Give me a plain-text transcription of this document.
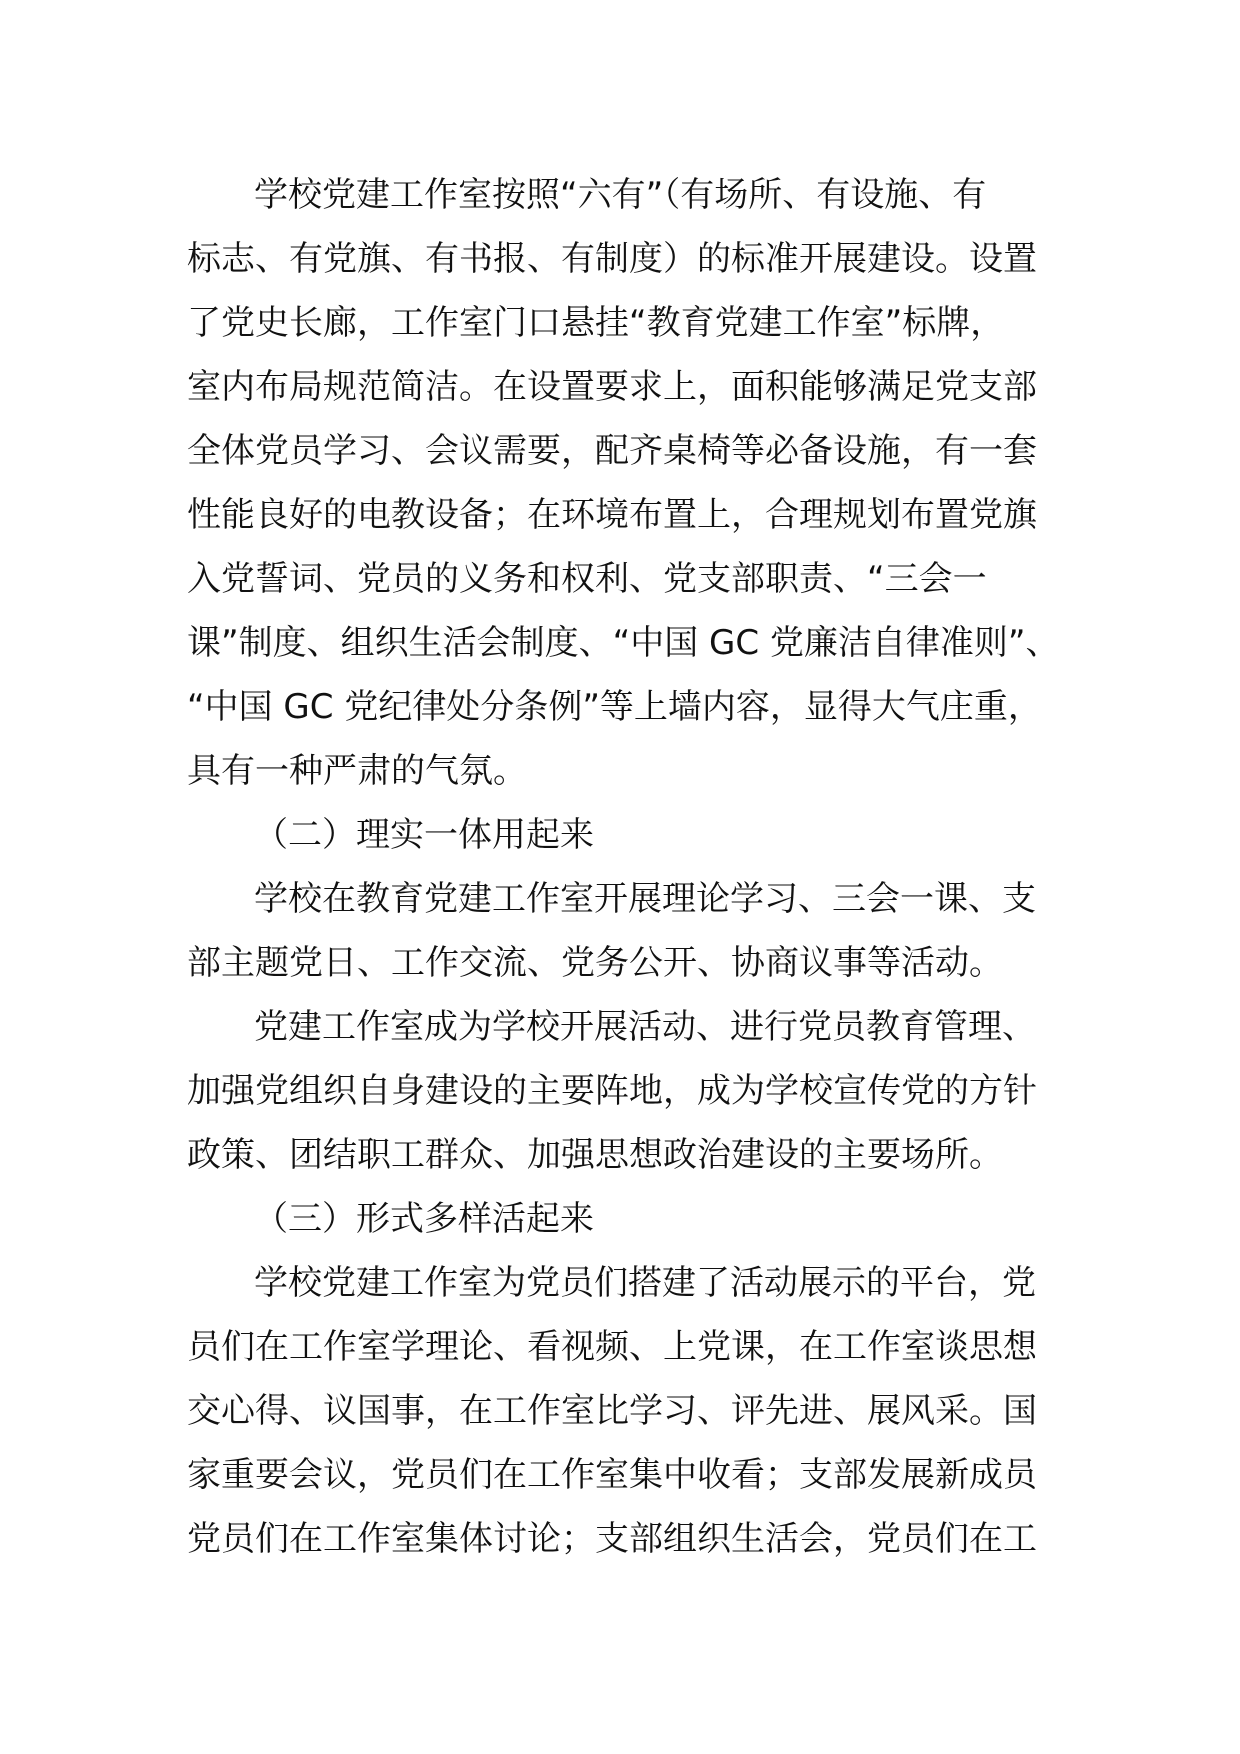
学校党建工作室按照“六有”（有场所、有设施、有
标志、有党旗、有书报、有制度）的标准开展建设。设置
了党史长廊，工作室门口悬挂“教育党建工作室”标牌，
室内布局规范简洁。在设置要求上，面积能够满足党支部
全体党员学习、会议需要，配齐桌椅等必备设施，有一套
性能良好的电教设备；在环境布置上，合理规划布置党旗
入党誓词、党员的义务和权利、党支部职责、“三会一
课”制度、组织生活会制度、“中国 GC 党廉洁自律准则”、
“中国 GC 党纪律处分条例”等上墙内容，显得大气庄重，
具有一种严肃的气氛。
（二）理实一体用起来
学校在教育党建工作室开展理论学习、三会一课、支
部主题党日、工作交流、党务公开、协商议事等活动。
党建工作室成为学校开展活动、进行党员教育管理、
加强党组织自身建设的主要阵地，成为学校宣传党的方针
政策、团结职工群众、加强思想政治建设的主要场所。
（三）形式多样活起来
学校党建工作室为党员们搭建了活动展示的平台，党
员们在工作室学理论、看视频、上党课，在工作室谈思想
交心得、议国事，在工作室比学习、评先进、展风采。国
家重要会议，党员们在工作室集中收看；支部发展新成员
党员们在工作室集体讨论；支部组织生活会，党员们在工
